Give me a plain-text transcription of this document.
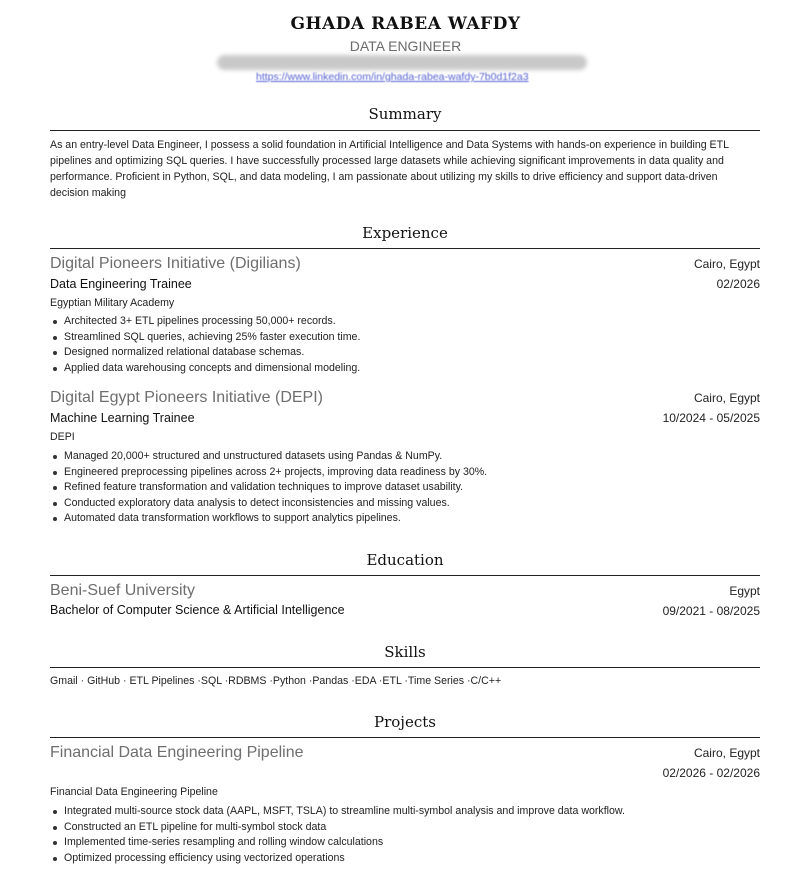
GHADA RABEA WAFDY
DATA ENGINEER
https://www.linkedin.com/in/ghada-rabea-wafdy-7b0d1f2a3
Summary
As an entry-level Data Engineer, I possess a solid foundation in Artificial Intelligence and Data Systems with hands-on experience in building ETL
pipelines and optimizing SQL queries. I have successfully processed large datasets while achieving significant improvements in data quality and
performance. Proficient in Python, SQL, and data modeling, I am passionate about utilizing my skills to drive efficiency and support data-driven
decision making
Experience
Digital Pioneers Initiative (Digilians)	Cairo, Egypt
Data Engineering Trainee	02/2026
Egyptian Military Academy
Architected 3+ ETL pipelines processing 50,000+ records.
Streamlined SQL queries, achieving 25% faster execution time.
Designed normalized relational database schemas.
Applied data warehousing concepts and dimensional modeling.
Digital Egypt Pioneers Initiative (DEPI)	Cairo, Egypt
Machine Learning Trainee	10/2024 - 05/2025
DEPI
Managed 20,000+ structured and unstructured datasets using Pandas & NumPy.
Engineered preprocessing pipelines across 2+ projects, improving data readiness by 30%.
Refined feature transformation and validation techniques to improve dataset usability.
Conducted exploratory data analysis to detect inconsistencies and missing values.
Automated data transformation workflows to support analytics pipelines.
Education
Beni-Suef University	Egypt
Bachelor of Computer Science & Artificial Intelligence	09/2021 - 08/2025
Skills
Gmail · GitHub · ETL Pipelines ·SQL ·RDBMS ·Python ·Pandas ·EDA ·ETL ·Time Series ·C/C++
Projects
Financial Data Engineering Pipeline	Cairo, Egypt
02/2026 - 02/2026
Financial Data Engineering Pipeline
Integrated multi-source stock data (AAPL, MSFT, TSLA) to streamline multi-symbol analysis and improve data workflow.
Constructed an ETL pipeline for multi-symbol stock data
Implemented time-series resampling and rolling window calculations
Optimized processing efficiency using vectorized operations
